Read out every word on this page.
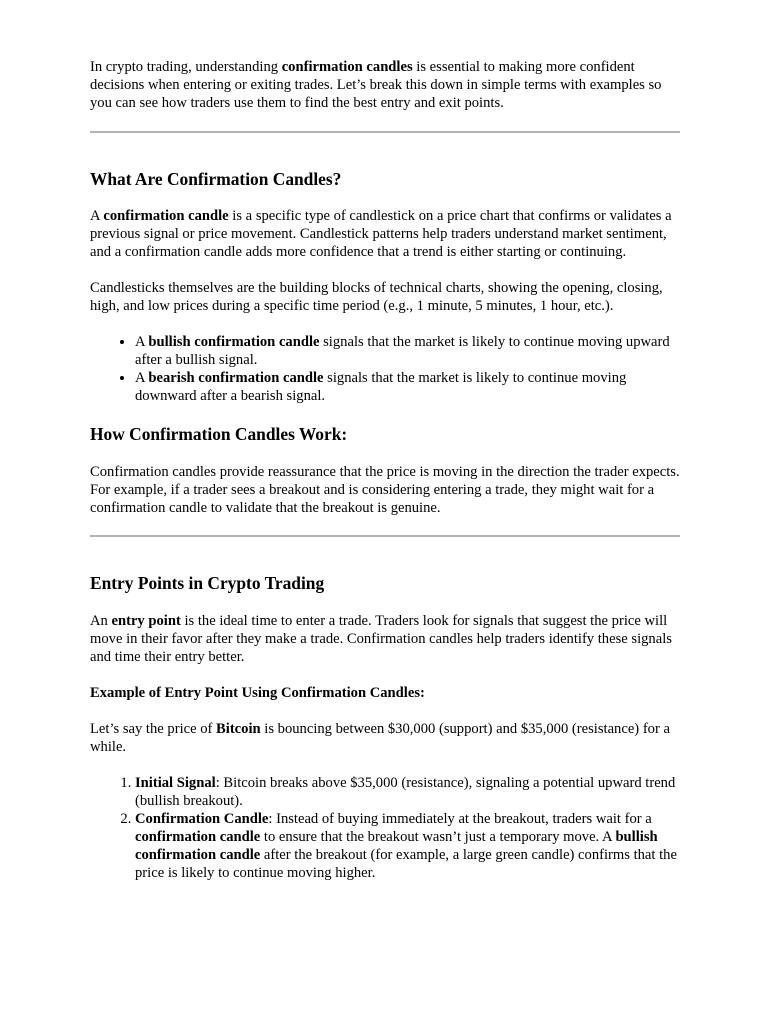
In crypto trading, understanding confirmation candles is essential to making more confident decisions when entering or exiting trades. Let’s break this down in simple terms with examples so you can see how traders use them to find the best entry and exit points.

What Are Confirmation Candles?

A confirmation candle is a specific type of candlestick on a price chart that confirms or validates a previous signal or price movement. Candlestick patterns help traders understand market sentiment, and a confirmation candle adds more confidence that a trend is either starting or continuing.

Candlesticks themselves are the building blocks of technical charts, showing the opening, closing, high, and low prices during a specific time period (e.g., 1 minute, 5 minutes, 1 hour, etc.).

• A bullish confirmation candle signals that the market is likely to continue moving upward after a bullish signal.
• A bearish confirmation candle signals that the market is likely to continue moving downward after a bearish signal.
How Confirmation Candles Work:

Confirmation candles provide reassurance that the price is moving in the direction the trader expects. For example, if a trader sees a breakout and is considering entering a trade, they might wait for a confirmation candle to validate that the breakout is genuine.

Entry Points in Crypto Trading

An entry point is the ideal time to enter a trade. Traders look for signals that suggest the price will move in their favor after they make a trade. Confirmation candles help traders identify these signals and time their entry better.

Example of Entry Point Using Confirmation Candles:

Let’s say the price of Bitcoin is bouncing between $30,000 (support) and $35,000 (resistance) for a while.

1. Initial Signal: Bitcoin breaks above $35,000 (resistance), signaling a potential upward trend (bullish breakout).
2. Confirmation Candle: Instead of buying immediately at the breakout, traders wait for a confirmation candle to ensure that the breakout wasn’t just a temporary move. A bullish confirmation candle after the breakout (for example, a large green candle) confirms that the price is likely to continue moving higher.
